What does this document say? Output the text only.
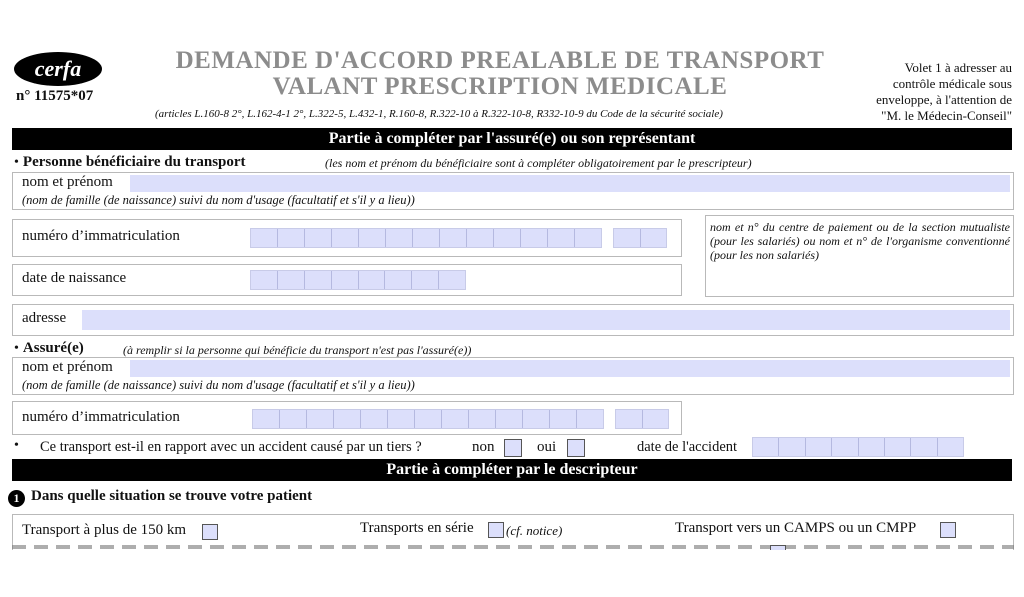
cerfa
n° 11575*07
DEMANDE D'ACCORD PREALABLE DE TRANSPORT
VALANT PRESCRIPTION MEDICALE
(articles L.160-8 2°, L.162-4-1 2°, L.322-5, L.432-1, R.160-8, R.322-10 à R.322-10-8, R332-10-9 du Code de la sécurité sociale)
Volet 1 à adresser au
contrôle médicale sous
enveloppe, à l'attention de
"M. le Médecin-Conseil"
Partie à compléter par l'assuré(e) ou son représentant
• Personne bénéficiaire du transport	(les nom et prénom du bénéficiaire sont à compléter obligatoirement par le prescripteur)
nom et prénom
(nom de famille (de naissance) suivi du nom d'usage (facultatif et s'il y a lieu))
numéro d’immatriculation
nom et n° du centre de paiement ou de la section mutualiste (pour les salariés) ou nom et n° de l'organisme conventionné (pour les non salariés)
date de naissance
adresse
• Assuré(e)	(à remplir si la personne qui bénéficie du transport n'est pas l'assuré(e))
nom et prénom
(nom de famille (de naissance) suivi du nom d'usage (facultatif et s'il y a lieu))
numéro d’immatriculation
• Ce transport est-il en rapport avec un accident causé par un tiers ?	non	oui	date de l'accident
Partie à compléter par le descripteur
1 Dans quelle situation se trouve votre patient
Transport à plus de 150 km	Transports en série (cf. notice)	Transport vers un CAMPS ou un CMPP
